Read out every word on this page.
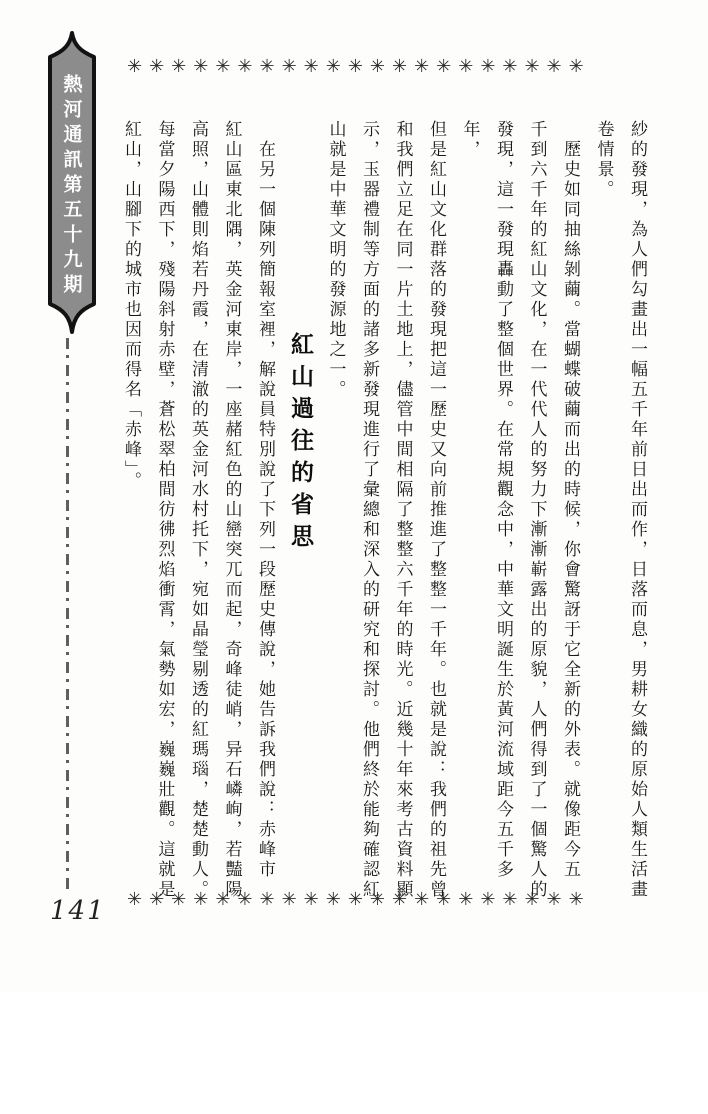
熱河通訊第五十九期
141
✳✳✳✳✳✳✳✳✳✳✳✳✳✳✳✳✳✳✳✳✳
✳✳✳✳✳✳✳✳✳✳✳✳✳✳✳✳✳✳✳✳✳	紗的發現，為人們勾畫出一幅五千年前日出而作，日落而息，男耕女織的原始人類生活畫
卷情景。
歷史如同抽絲剝繭。當蝴蝶破繭而出的時候，你會驚訝于它全新的外表。就像距今五
千到六千年的紅山文化，在一代代人的努力下漸漸嶄露出的原貌，人們得到了一個驚人的
發現，這一發現轟動了整個世界。在常規觀念中，中華文明誕生於黃河流域距今五千多年，
但是紅山文化群落的發現把這一歷史又向前推進了整整一千年。也就是說：我們的祖先曾
和我們立足在同一片土地上，儘管中間相隔了整整六千年的時光。近幾十年來考古資料顯
示，玉器禮制等方面的諸多新發現進行了彙總和深入的研究和探討。他們終於能夠確認紅
山就是中華文明的發源地之一。
紅山過往的省思
在另一個陳列簡報室裡，解說員特別說了下列一段歷史傳說，她告訴我們說：赤峰市
紅山區東北隅，英金河東岸，一座赭紅色的山巒突兀而起，奇峰徒峭，异石嶙峋，若豔陽
高照，山體則焰若丹霞，在清澈的英金河水村托下，宛如晶瑩剔透的紅瑪瑙，楚楚動人。
每當夕陽西下，殘陽斜射赤壁，蒼松翠柏間彷彿烈焰衝霄，氣勢如宏，巍巍壯觀。這就是
紅山，山腳下的城市也因而得名「赤峰」。
